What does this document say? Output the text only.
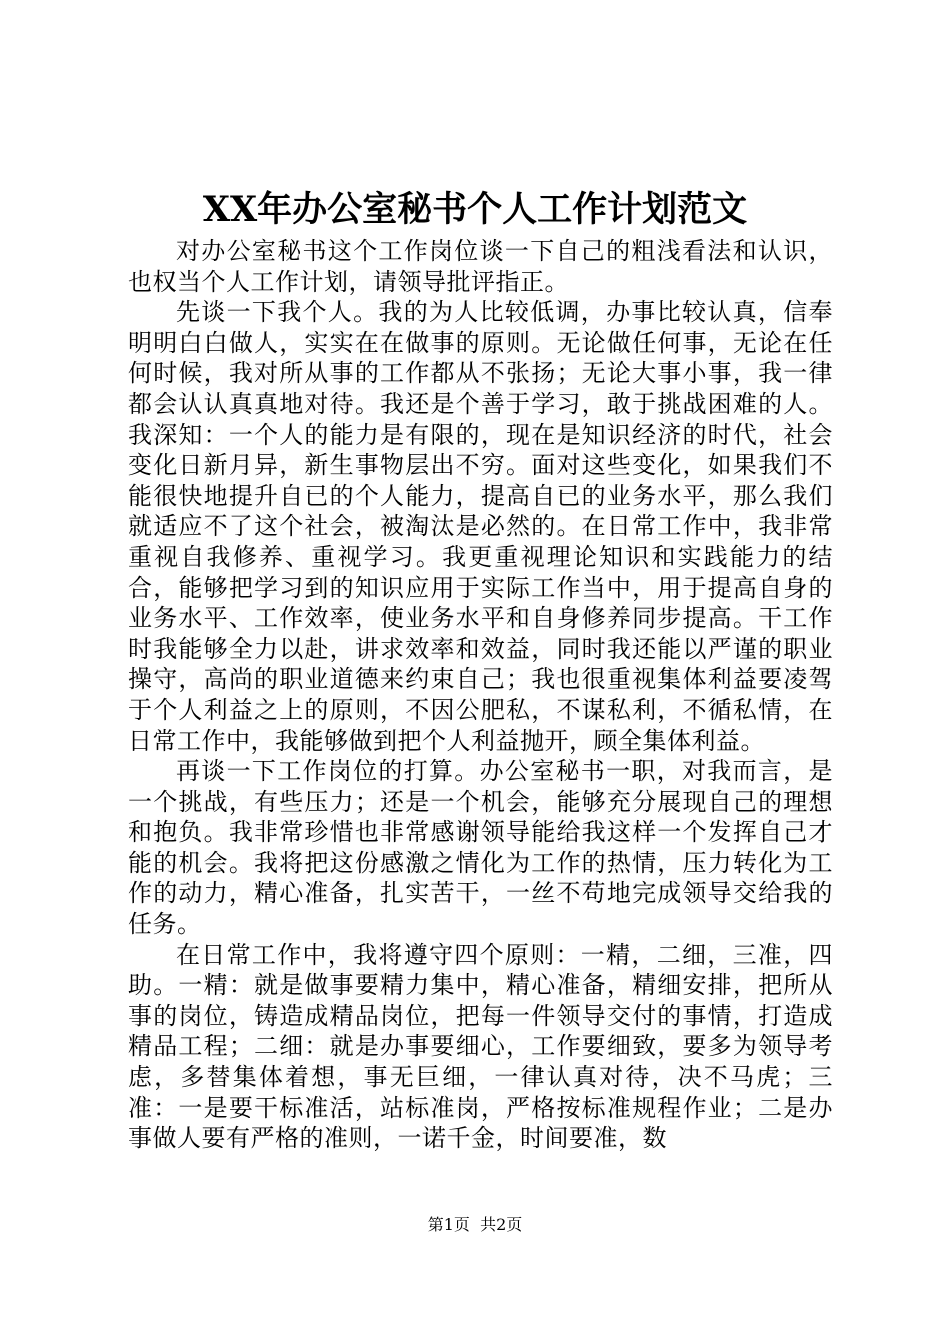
XX年办公室秘书个人工作计划范文

对办公室秘书这个工作岗位谈一下自己的粗浅看法和认识，也权当个人工作计划，请领导批评指正。

先谈一下我个人。我的为人比较低调，办事比较认真，信奉明明白白做人，实实在在做事的原则。无论做任何事，无论在任何时候，我对所从事的工作都从不张扬；无论大事小事，我一律都会认认真真地对待。我还是个善于学习，敢于挑战困难的人。我深知：一个人的能力是有限的，现在是知识经济的时代，社会变化日新月异，新生事物层出不穷。面对这些变化，如果我们不能很快地提升自已的个人能力，提高自已的业务水平，那么我们就适应不了这个社会，被淘汰是必然的。在日常工作中，我非常重视自我修养、重视学习。我更重视理论知识和实践能力的结合，能够把学习到的知识应用于实际工作当中，用于提高自身的业务水平、工作效率，使业务水平和自身修养同步提高。干工作时我能够全力以赴，讲求效率和效益，同时我还能以严谨的职业操守，高尚的职业道德来约束自己；我也很重视集体利益要凌驾于个人利益之上的原则，不因公肥私，不谋私利，不循私情，在日常工作中，我能够做到把个人利益抛开，顾全集体利益。

再谈一下工作岗位的打算。办公室秘书一职，对我而言，是一个挑战，有些压力；还是一个机会，能够充分展现自己的理想和抱负。我非常珍惜也非常感谢领导能给我这样一个发挥自己才能的机会。我将把这份感激之情化为工作的热情，压力转化为工作的动力，精心准备，扎实苦干，一丝不苟地完成领导交给我的任务。

在日常工作中，我将遵守四个原则：一精，二细，三准，四助。一精：就是做事要精力集中，精心准备，精细安排，把所从事的岗位，铸造成精品岗位，把每一件领导交付的事情，打造成精品工程；二细：就是办事要细心，工作要细致，要多为领导考虑，多替集体着想，事无巨细，一律认真对待，决不马虎；三准：一是要干标准活，站标准岗，严格按标准规程作业；二是办事做人要有严格的准则，一诺千金，时间要准，数

第1页 共2页
